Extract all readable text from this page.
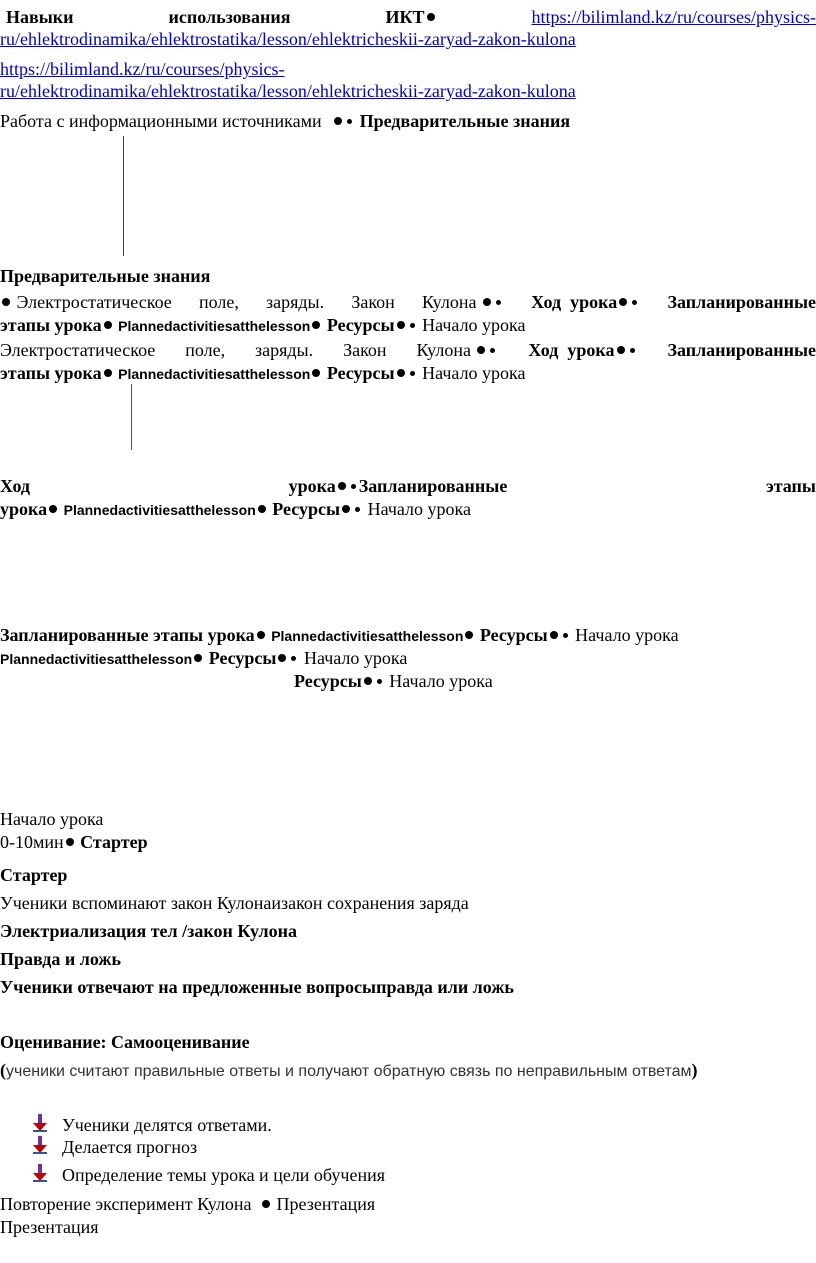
Навыки	использования	ИКТ	https://bilimland.kz/ru/courses/physics-
ru/ehlektrodinamika/ehlektrostatika/lesson/ehlektricheskii-zaryad-zakon-kulona
https://bilimland.kz/ru/courses/physics-
ru/ehlektrodinamika/ehlektrostatika/lesson/ehlektricheskii-zaryad-zakon-kulona
Работа с информационными источниками Предварительные знания
Предварительные знания
Электростатическое поле, заряды. Закон Кулона	Ход урока	Запланированные
этапы урока Plannedactivitiesatthelesson Ресурсы Начало урока
Электростатическое поле, заряды. Закон Кулона	Ход урока	Запланированные
этапы урока Plannedactivitiesatthelesson Ресурсы Начало урока
Ход	урока Запланированные	этапы
урока Plannedactivitiesatthelesson Ресурсы Начало урока
Запланированные этапы урока Plannedactivitiesatthelesson Ресурсы Начало урока
Plannedactivitiesatthelesson Ресурсы Начало урока
Ресурсы Начало урока
Начало урока
0-10мин Стартер
Стартер
Ученики вспоминают закон Кулонаизакон сохранения заряда
Электриализация тел /закон Кулона
Правда и ложь
Ученики отвечают на предложенные вопросыправда или ложь
Оценивание: Самооценивание
(ученики считают правильные ответы и получают обратную связь по неправильным ответам)
Ученики делятся ответами.
Делается прогноз
Определение темы урока и цели обучения
Повторение эксперимент Кулона Презентация
Презентация
